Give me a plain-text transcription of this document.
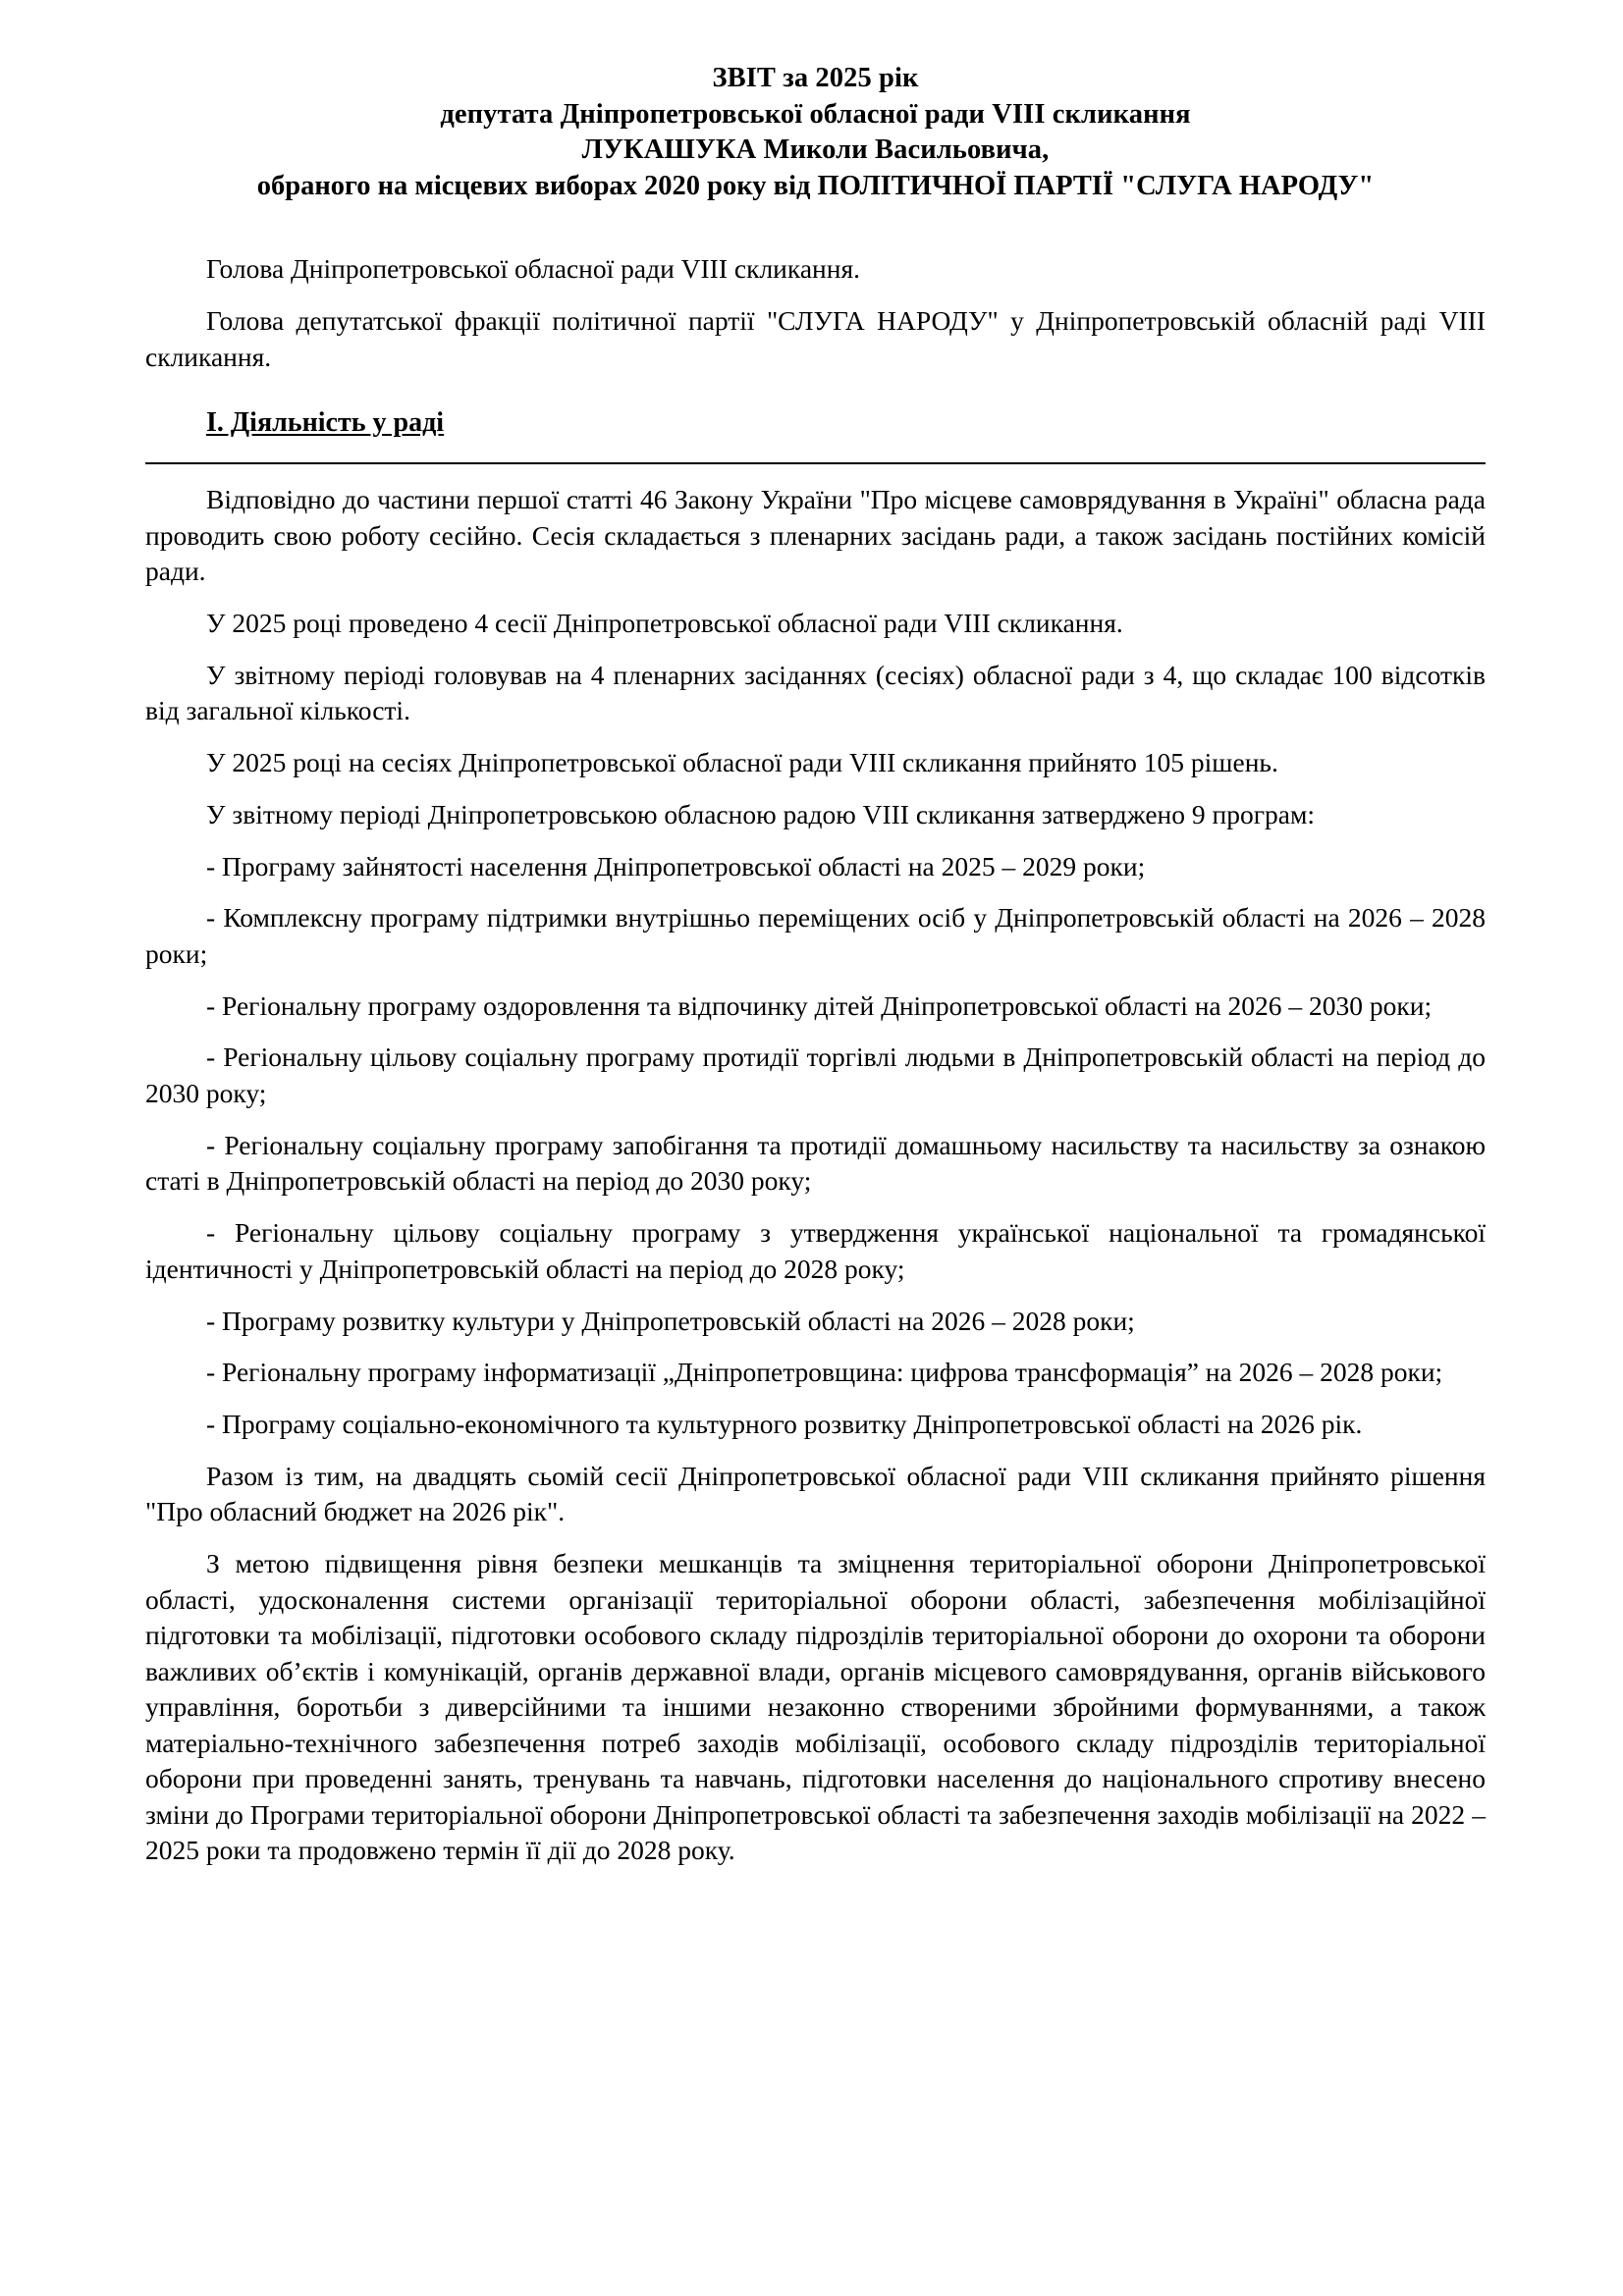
ЗВІТ за 2025 рік
депутата Дніпропетровської обласної ради VIII скликання
ЛУКАШУКА Миколи Васильовича,
обраного на місцевих виборах 2020 року від ПОЛІТИЧНОЇ ПАРТІЇ "СЛУГА НАРОДУ"

Голова Дніпропетровської обласної ради VIII скликання.

Голова депутатської фракції політичної партії "СЛУГА НАРОДУ" у Дніпропетровській обласній раді VIII скликання.

I. Діяльність у раді

Відповідно до частини першої статті 46 Закону України "Про місцеве самоврядування в Україні" обласна рада проводить свою роботу сесійно. Сесія складається з пленарних засідань ради, а також засідань постійних комісій ради.

У 2025 році проведено 4 сесії Дніпропетровської обласної ради VIII скликання.

У звітному періоді головував на 4 пленарних засіданнях (сесіях) обласної ради з 4, що складає 100 відсотків від загальної кількості.

У 2025 році на сесіях Дніпропетровської обласної ради VIII скликання прийнято 105 рішень.

У звітному періоді Дніпропетровською обласною радою VIII скликання затверджено 9 програм:

- Програму зайнятості населення Дніпропетровської області на 2025 – 2029 роки;

- Комплексну програму підтримки внутрішньо переміщених осіб у Дніпропетровській області на 2026 – 2028 роки;

- Регіональну програму оздоровлення та відпочинку дітей Дніпропетровської області на 2026 – 2030 роки;

- Регіональну цільову соціальну програму протидії торгівлі людьми в Дніпропетровській області на період до 2030 року;

- Регіональну соціальну програму запобігання та протидії домашньому насильству та насильству за ознакою статі в Дніпропетровській області на період до 2030 року;

- Регіональну цільову соціальну програму з утвердження української національної та громадянської ідентичності у Дніпропетровській області на період до 2028 року;

- Програму розвитку культури у Дніпропетровській області на 2026 – 2028 роки;

- Регіональну програму інформатизації „Дніпропетровщина: цифрова трансформація” на 2026 – 2028 роки;

- Програму соціально-економічного та культурного розвитку Дніпропетровської області на 2026 рік.

Разом із тим, на двадцять сьомій сесії Дніпропетровської обласної ради VIII скликання прийнято рішення "Про обласний бюджет на 2026 рік".

З метою підвищення рівня безпеки мешканців та зміцнення територіальної оборони Дніпропетровської області, удосконалення системи організації територіальної оборони області, забезпечення мобілізаційної підготовки та мобілізації, підготовки особового складу підрозділів територіальної оборони до охорони та оборони важливих об’єктів і комунікацій, органів державної влади, органів місцевого самоврядування, органів військового управління, боротьби з диверсійними та іншими незаконно створеними збройними формуваннями, а також матеріально-технічного забезпечення потреб заходів мобілізації, особового складу підрозділів територіальної оборони при проведенні занять, тренувань та навчань, підготовки населення до національного спротиву внесено зміни до Програми територіальної оборони Дніпропетровської області та забезпечення заходів мобілізації на 2022 – 2025 роки та продовжено термін її дії до 2028 року.
